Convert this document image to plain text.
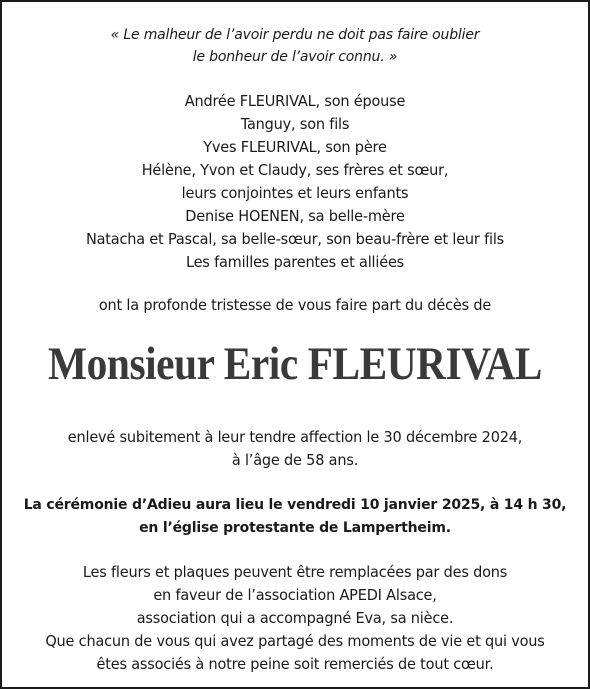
« Le malheur de l’avoir perdu ne doit pas faire oublier
le bonheur de l’avoir connu. »
Andrée FLEURIVAL, son épouse
Tanguy, son fils
Yves FLEURIVAL, son père
Hélène, Yvon et Claudy, ses frères et sœur,
leurs conjointes et leurs enfants
Denise HOENEN, sa belle-mère
Natacha et Pascal, sa belle-sœur, son beau-frère et leur fils
Les familles parentes et alliées
ont la profonde tristesse de vous faire part du décès de
Monsieur Eric FLEURIVAL
enlevé subitement à leur tendre affection le 30 décembre 2024,
à l’âge de 58 ans.
La cérémonie d’Adieu aura lieu le vendredi 10 janvier 2025, à 14 h 30,
en l’église protestante de Lampertheim.
Les fleurs et plaques peuvent être remplacées par des dons
en faveur de l’association APEDI Alsace,
association qui a accompagné Eva, sa nièce.
Que chacun de vous qui avez partagé des moments de vie et qui vous
êtes associés à notre peine soit remerciés de tout cœur.
